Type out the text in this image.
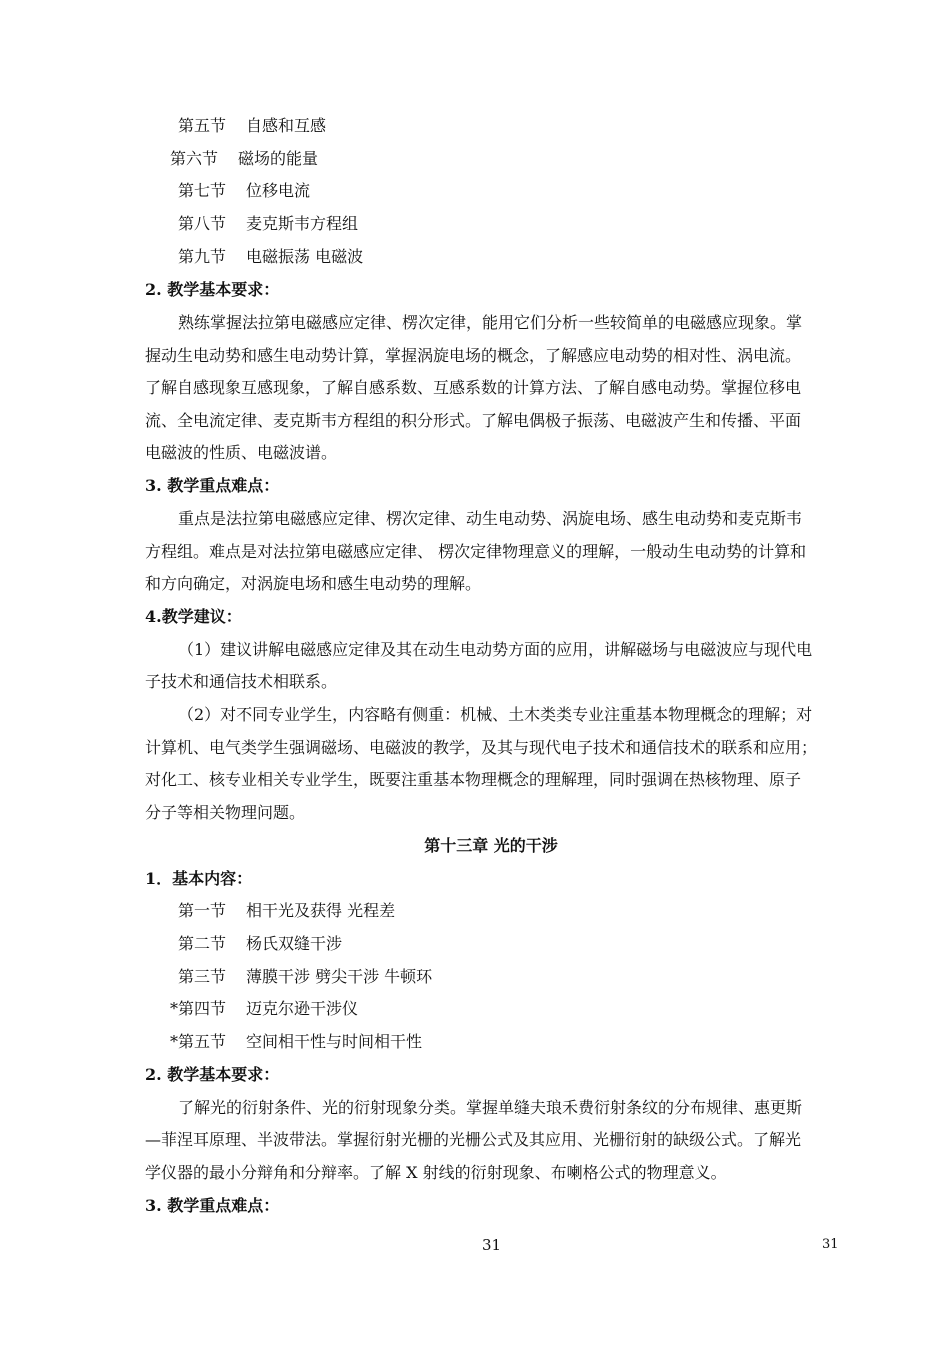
第五节 自感和互感
第六节 磁场的能量
第七节 位移电流
第八节 麦克斯韦方程组
第九节 电磁振荡 电磁波
2. 教学基本要求：
熟练掌握法拉第电磁感应定律、楞次定律，能用它们分析一些较简单的电磁感应现象。掌
握动生电动势和感生电动势计算，掌握涡旋电场的概念，了解感应电动势的相对性、涡电流。
了解自感现象互感现象，了解自感系数、互感系数的计算方法、了解自感电动势。掌握位移电
流、全电流定律、麦克斯韦方程组的积分形式。了解电偶极子振荡、电磁波产生和传播、平面
电磁波的性质、电磁波谱。
3. 教学重点难点：
重点是法拉第电磁感应定律、楞次定律、动生电动势、涡旋电场、感生电动势和麦克斯韦
方程组。难点是对法拉第电磁感应定律、 楞次定律物理意义的理解，一般动生电动势的计算和
和方向确定，对涡旋电场和感生电动势的理解。
4.教学建议：
（1）建议讲解电磁感应定律及其在动生电动势方面的应用，讲解磁场与电磁波应与现代电
子技术和通信技术相联系。
（2）对不同专业学生，内容略有侧重：机械、土木类类专业注重基本物理概念的理解；对
计算机、电气类学生强调磁场、电磁波的教学，及其与现代电子技术和通信技术的联系和应用；
对化工、核专业相关专业学生，既要注重基本物理概念的理解理，同时强调在热核物理、原子
分子等相关物理问题。
第十三章 光的干涉
1．基本内容：
第一节 相干光及获得 光程差
第二节 杨氏双缝干涉
第三节 薄膜干涉 劈尖干涉 牛顿环
*第四节 迈克尔逊干涉仪
*第五节 空间相干性与时间相干性
2. 教学基本要求：
了解光的衍射条件、光的衍射现象分类。掌握单缝夫琅禾费衍射条纹的分布规律、惠更斯
—菲涅耳原理、半波带法。掌握衍射光栅的光栅公式及其应用、光栅衍射的缺级公式。了解光
学仪器的最小分辩角和分辩率。了解 X 射线的衍射现象、布喇格公式的物理意义。
3. 教学重点难点：
31	31
